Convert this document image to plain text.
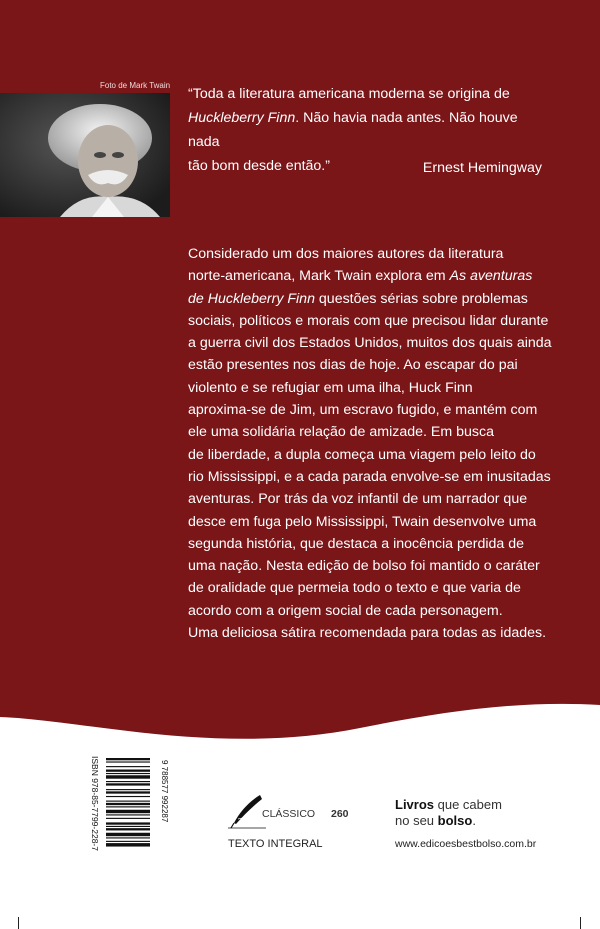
Foto de Mark Twain
“Toda a literatura americana moderna se origina de
Huckleberry Finn. Não havia nada antes. Não houve nada
tão bom desde então.”	Ernest Hemingway
Considerado um dos maiores autores da literatura
norte-americana, Mark Twain explora em As aventuras
de Huckleberry Finn questões sérias sobre problemas
sociais, políticos e morais com que precisou lidar durante
a guerra civil dos Estados Unidos, muitos dos quais ainda
estão presentes nos dias de hoje. Ao escapar do pai
violento e se refugiar em uma ilha, Huck Finn
aproxima-se de Jim, um escravo fugido, e mantém com
ele uma solidária relação de amizade. Em busca
de liberdade, a dupla começa uma viagem pelo leito do
rio Mississippi, e a cada parada envolve-se em inusitadas
aventuras. Por trás da voz infantil de um narrador que
desce em fuga pelo Mississippi, Twain desenvolve uma
segunda história, que destaca a inocência perdida de
uma nação. Nesta edição de bolso foi mantido o caráter
de oralidade que permeia todo o texto e que varia de
acordo com a origem social de cada personagem.
Uma deliciosa sátira recomendada para todas as idades.
ISBN 978-85-7799-228-7	9 788577 992287	CLÁSSICO 260
TEXTO INTEGRAL
Livros que cabem
no seu bolso.
www.edicoesbestbolso.com.br
